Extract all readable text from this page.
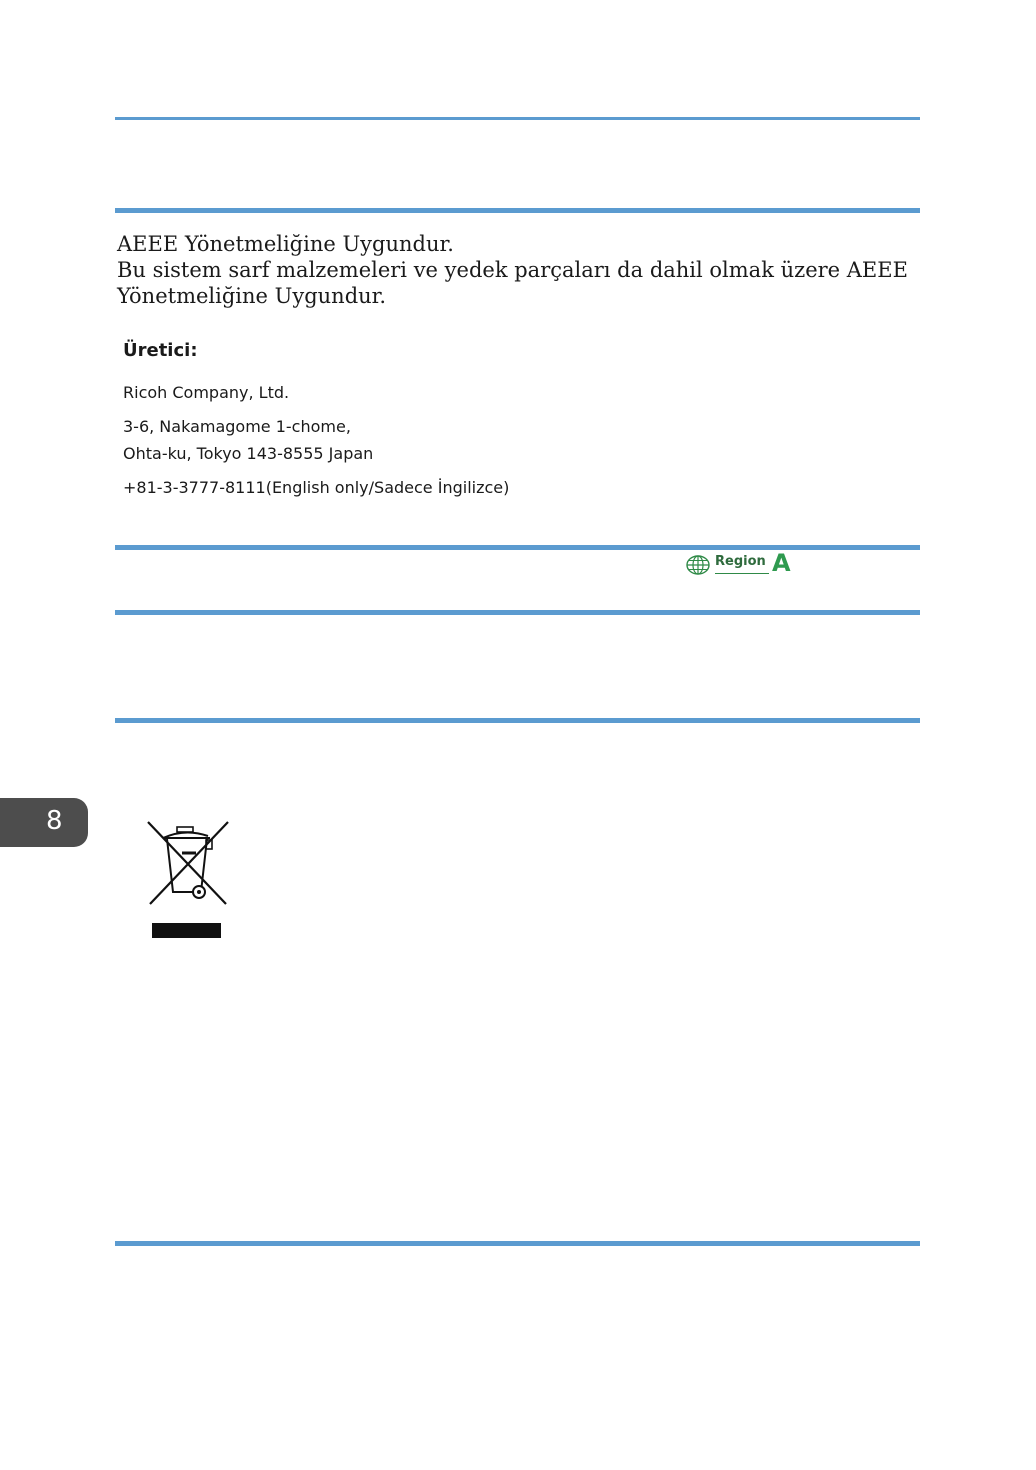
AEEE Yönetmeliğine Uygundur.
Bu sistem sarf malzemeleri ve yedek parçaları da dahil olmak üzere AEEE
Yönetmeliğine Uygundur.
Üretici:
Ricoh Company, Ltd.
3-6, Nakamagome 1-chome,
Ohta-ku, Tokyo 143-8555 Japan
+81-3-3777-8111(English only/Sadece İngilizce)
Region A
8
